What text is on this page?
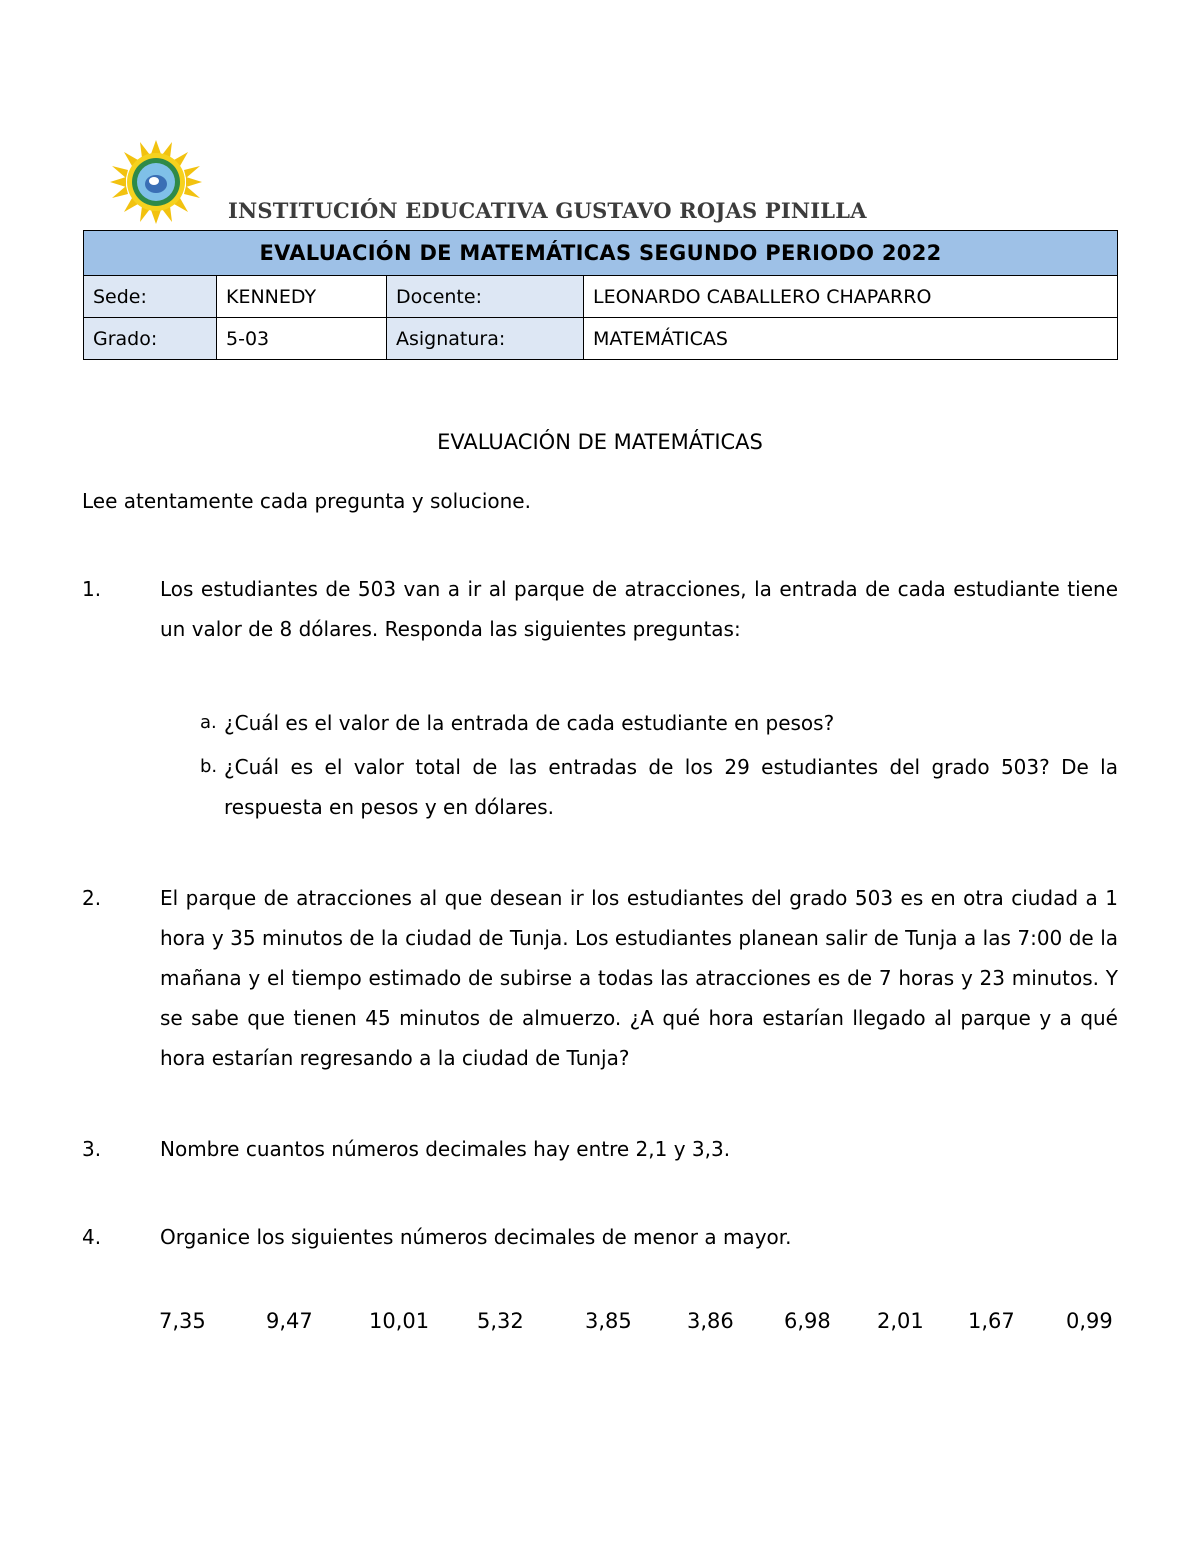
INSTITUCIÓN EDUCATIVA GUSTAVO ROJAS PINILLA
EVALUACIÓN DE MATEMÁTICAS SEGUNDO PERIODO 2022			
Sede:	KENNEDY	Docente:	LEONARDO CABALLERO CHAPARRO
Grado:	5-03	Asignatura:	MATEMÁTICAS
EVALUACIÓN DE MATEMÁTICAS
Lee atentamente cada pregunta y solucione.
1.	Los estudiantes de 503 van a ir al parque de atracciones, la entrada de cada estudiante tiene un valor de 8 dólares. Responda las siguientes preguntas:
a. ¿Cuál es el valor de la entrada de cada estudiante en pesos?
b. ¿Cuál es el valor total de las entradas de los 29 estudiantes del grado 503? De la respuesta en pesos y en dólares.
2.	El parque de atracciones al que desean ir los estudiantes del grado 503 es en otra ciudad a 1 hora y 35 minutos de la ciudad de Tunja. Los estudiantes planean salir de Tunja a las 7:00 de la mañana y el tiempo estimado de subirse a todas las atracciones es de 7 horas y 23 minutos. Y se sabe que tienen 45 minutos de almuerzo. ¿A qué hora estarían llegado al parque y a qué hora estarían regresando a la ciudad de Tunja?
3.	Nombre cuantos números decimales hay entre 2,1 y 3,3.
4.	Organice los siguientes números decimales de menor a mayor.
7,35	9,47	10,01 5,32	3,85	3,86 6,98 2,01 1,67 0,99
